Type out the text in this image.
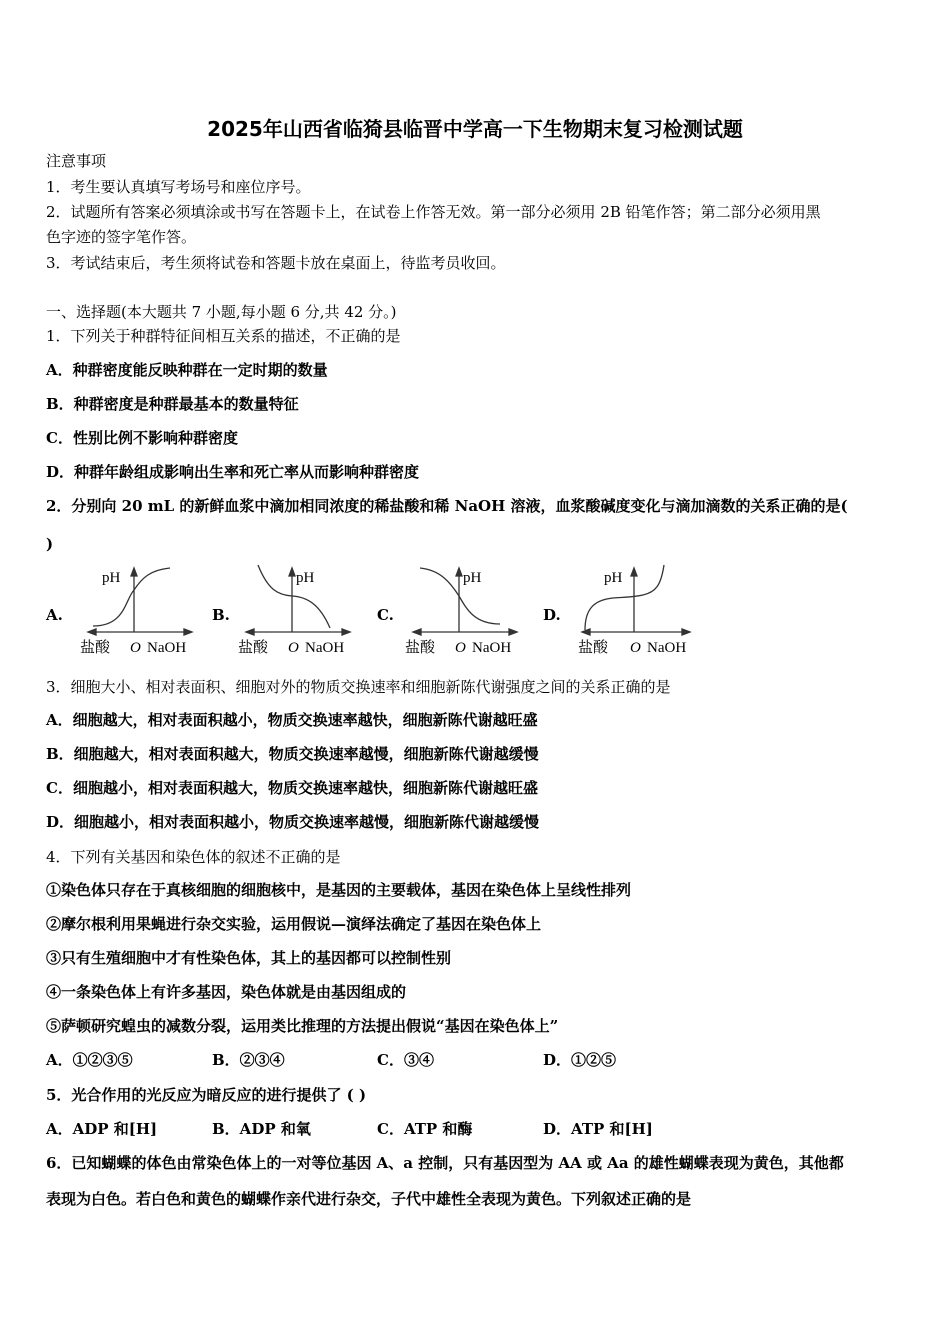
2025年山西省临猗县临晋中学高一下生物期末复习检测试题
注意事项
1．考生要认真填写考场号和座位序号。
2．试题所有答案必须填涂或书写在答题卡上，在试卷上作答无效。第一部分必须用 2B 铅笔作答；第二部分必须用黑
色字迹的签字笔作答。
3．考试结束后，考生须将试卷和答题卡放在桌面上，待监考员收回。
一、选择题(本大题共 7 小题,每小题 6 分,共 42 分。)
1．下列关于种群特征间相互关系的描述，不正确的是
A．种群密度能反映种群在一定时期的数量
B．种群密度是种群最基本的数量特征
C．性别比例不影响种群密度
D．种群年龄组成影响出生率和死亡率从而影响种群密度
2．分别向 20 mL 的新鲜血浆中滴加相同浓度的稀盐酸和稀 NaOH 溶液，血浆酸碱度变化与滴加滴数的关系正确的是(
)
A.	B.	C.	D.
pH
盐酸 O NaOH
pH
盐酸 O NaOH
pH
盐酸 O NaOH
pH
盐酸 O NaOH
3．细胞大小、相对表面积、细胞对外的物质交换速率和细胞新陈代谢强度之间的关系正确的是
A．细胞越大，相对表面积越小，物质交换速率越快，细胞新陈代谢越旺盛
B．细胞越大，相对表面积越大，物质交换速率越慢，细胞新陈代谢越缓慢
C．细胞越小，相对表面积越大，物质交换速率越快，细胞新陈代谢越旺盛
D．细胞越小，相对表面积越小，物质交换速率越慢，细胞新陈代谢越缓慢
4．下列有关基因和染色体的叙述不正确的是
①染色体只存在于真核细胞的细胞核中，是基因的主要载体，基因在染色体上呈线性排列
②摩尔根利用果蝇进行杂交实验，运用假说—演绎法确定了基因在染色体上
③只有生殖细胞中才有性染色体，其上的基因都可以控制性别
④一条染色体上有许多基因，染色体就是由基因组成的
⑤萨顿研究蝗虫的减数分裂，运用类比推理的方法提出假说“基因在染色体上”
A．①②③⑤	B．②③④	C．③④	D．①②⑤
5．光合作用的光反应为暗反应的进行提供了 ( )
A．ADP 和[H]	B．ADP 和氧	C．ATP 和酶	D．ATP 和[H]
6．已知蝴蝶的体色由常染色体上的一对等位基因 A、a 控制，只有基因型为 AA 或 Aa 的雄性蝴蝶表现为黄色，其他都
表现为白色。若白色和黄色的蝴蝶作亲代进行杂交，子代中雄性全表现为黄色。下列叙述正确的是
